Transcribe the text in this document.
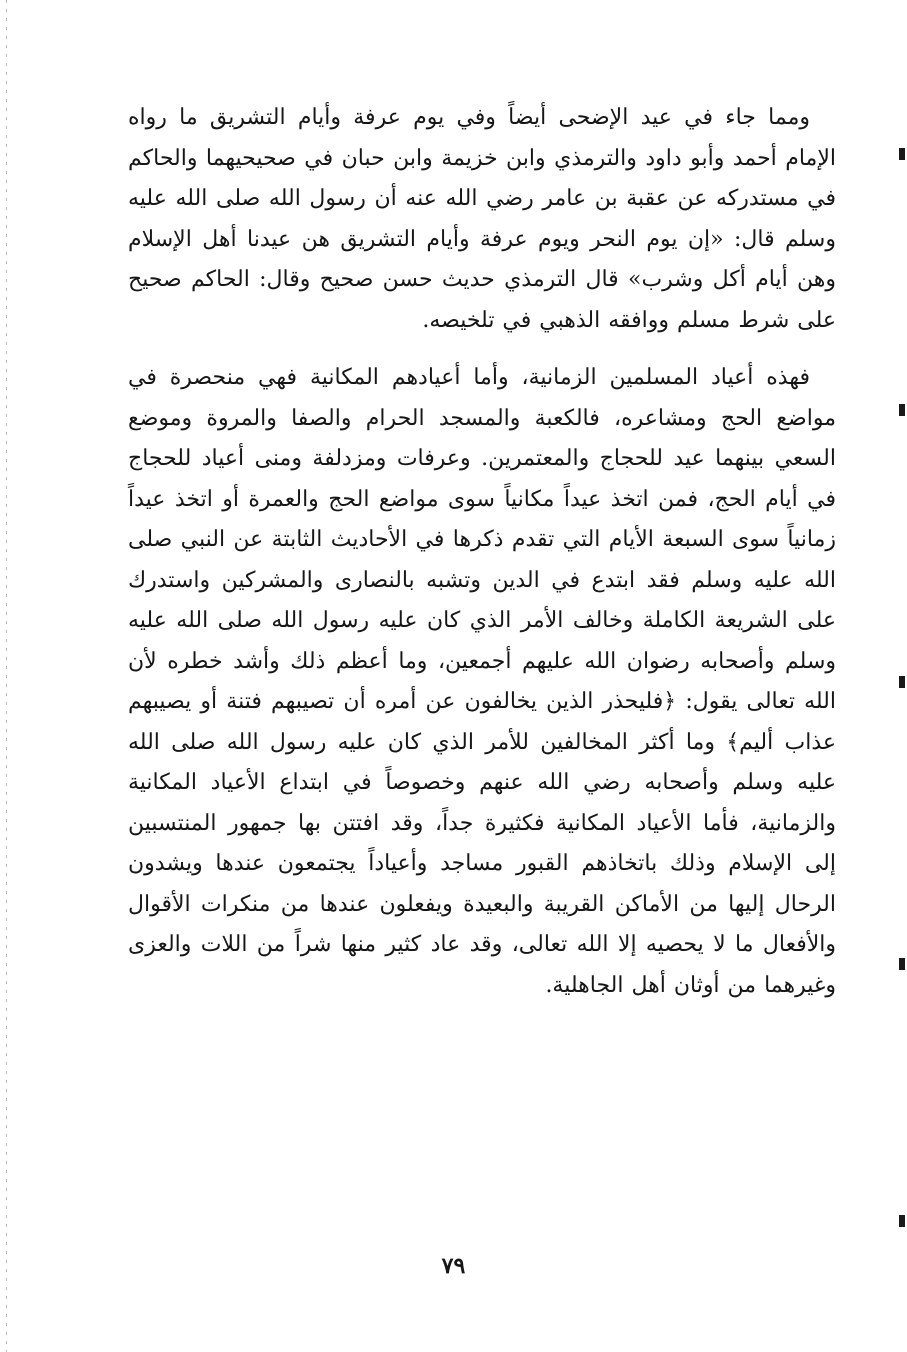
ومما جاء في عيد الإضحى أيضاً وفي يوم عرفة وأيام التشريق ما رواه الإمام أحمد وأبو داود والترمذي وابن خزيمة وابن حبان في صحيحيهما والحاكم في مستدركه عن عقبة بن عامر رضي الله عنه أن رسول الله صلى الله عليه وسلم قال: «إن يوم النحر ويوم عرفة وأيام التشريق هن عيدنا أهل الإسلام وهن أيام أكل وشرب» قال الترمذي حديث حسن صحيح وقال: الحاكم صحيح على شرط مسلم ووافقه الذهبي في تلخيصه.

فهذه أعياد المسلمين الزمانية، وأما أعيادهم المكانية فهي منحصرة في مواضع الحج ومشاعره، فالكعبة والمسجد الحرام والصفا والمروة وموضع السعي بينهما عيد للحجاج والمعتمرين. وعرفات ومزدلفة ومنى أعياد للحجاج في أيام الحج، فمن اتخذ عيداً مكانياً سوى مواضع الحج والعمرة أو اتخذ عيداً زمانياً سوى السبعة الأيام التي تقدم ذكرها في الأحاديث الثابتة عن النبي صلى الله عليه وسلم فقد ابتدع في الدين وتشبه بالنصارى والمشركين واستدرك على الشريعة الكاملة وخالف الأمر الذي كان عليه رسول الله صلى الله عليه وسلم وأصحابه رضوان الله عليهم أجمعين، وما أعظم ذلك وأشد خطره لأن الله تعالى يقول: ﴿فليحذر الذين يخالفون عن أمره أن تصيبهم فتنة أو يصيبهم عذاب أليم﴾ وما أكثر المخالفين للأمر الذي كان عليه رسول الله صلى الله عليه وسلم وأصحابه رضي الله عنهم وخصوصاً في ابتداع الأعياد المكانية والزمانية، فأما الأعياد المكانية فكثيرة جداً، وقد افتتن بها جمهور المنتسبين إلى الإسلام وذلك باتخاذهم القبور مساجد وأعياداً يجتمعون عندها ويشدون الرحال إليها من الأماكن القريبة والبعيدة ويفعلون عندها من منكرات الأقوال والأفعال ما لا يحصيه إلا الله تعالى، وقد عاد كثير منها شراً من اللات والعزى وغيرهما من أوثان أهل الجاهلية.

٧٩
